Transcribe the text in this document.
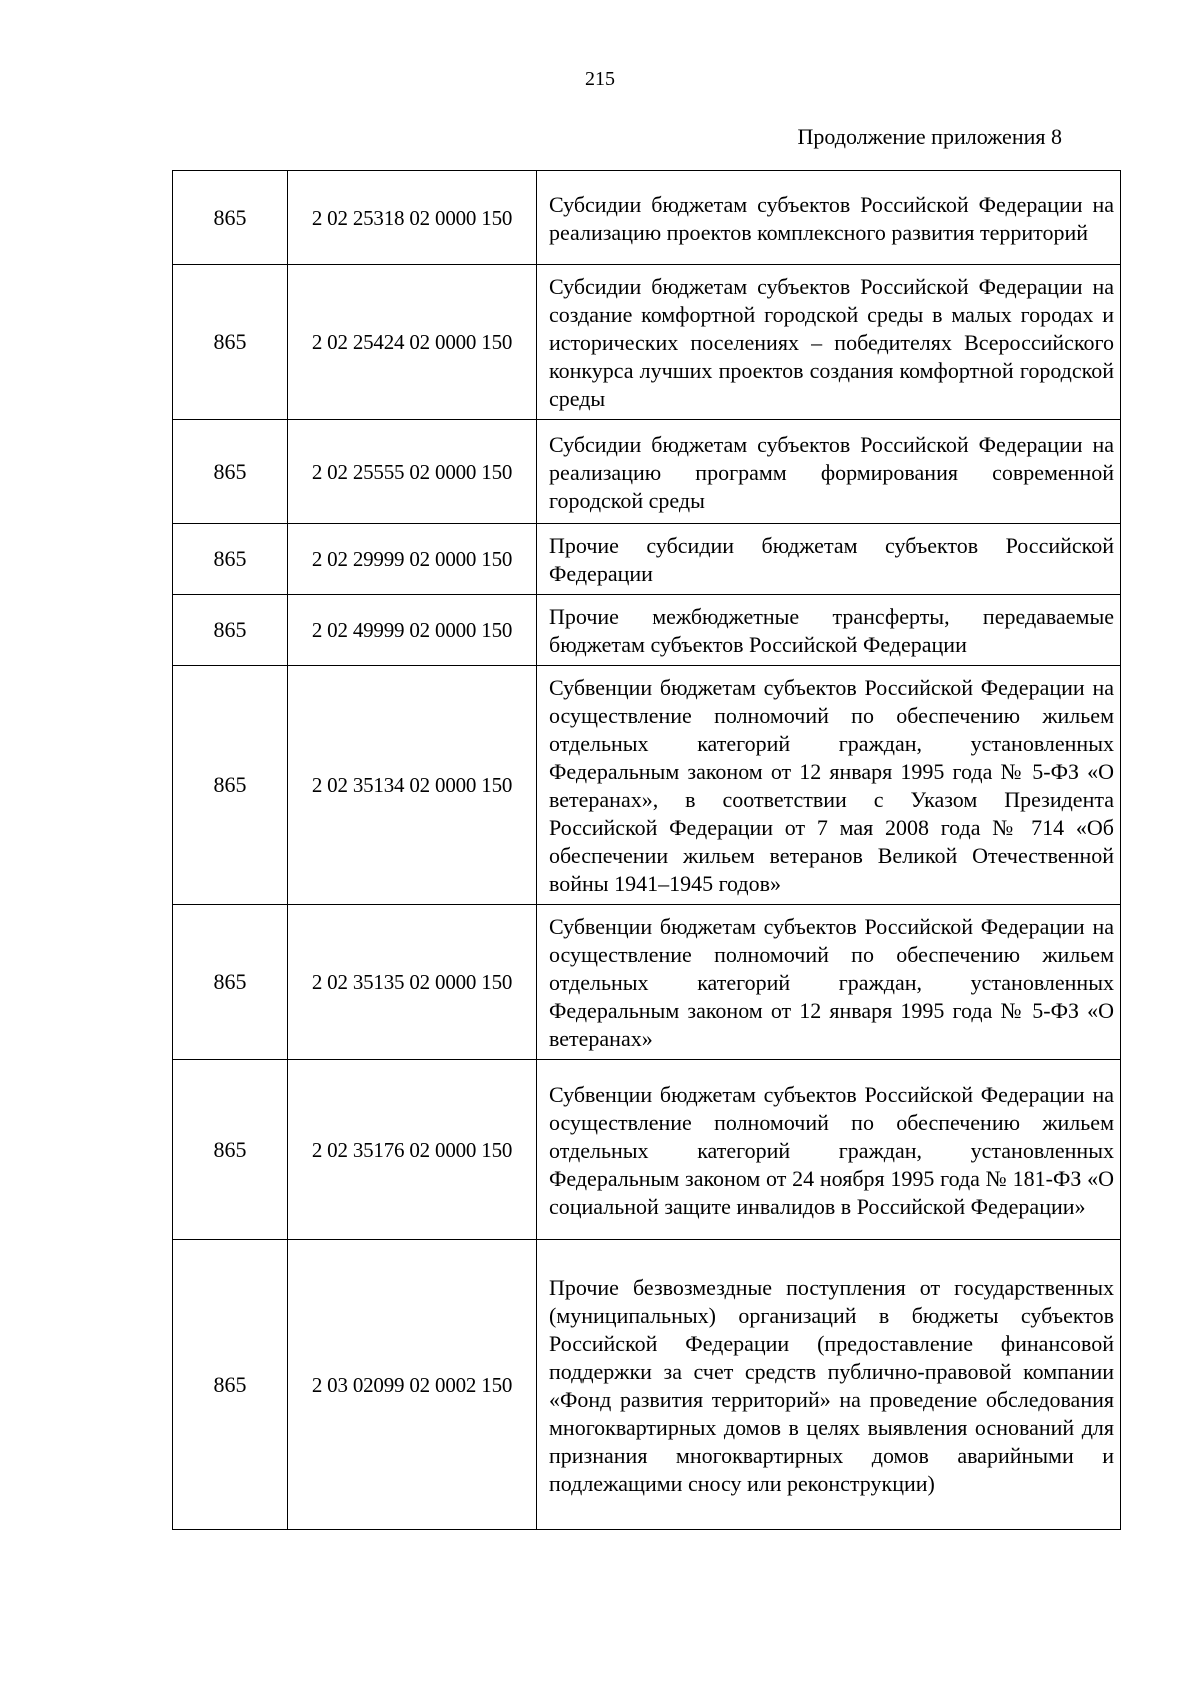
215
Продолжение приложения 8
865	2 02 25318 02 0000 150	Субсидии бюджетам субъектов Российской Федерации на реализацию проектов комплексного развития территорий
865	2 02 25424 02 0000 150	Субсидии бюджетам субъектов Российской Федерации на создание комфортной городской среды в малых городах и исторических поселениях – победителях Всероссийского конкурса лучших проектов создания комфортной городской среды
865	2 02 25555 02 0000 150	Субсидии бюджетам субъектов Российской Федерации на реализацию программ формирования современной городской среды
865	2 02 29999 02 0000 150	Прочие субсидии бюджетам субъектов Российской Федерации
865	2 02 49999 02 0000 150	Прочие межбюджетные трансферты, передаваемые бюджетам субъектов Российской Федерации
865	2 02 35134 02 0000 150	Субвенции бюджетам субъектов Российской Федерации на осуществление полномочий по обеспечению жильем отдельных категорий граждан, установленных Федеральным законом от 12 января 1995 года № 5-ФЗ «О ветеранах», в соответствии с Указом Президента Российской Федерации от 7 мая 2008 года № 714 «Об обеспечении жильем ветеранов Великой Отечественной войны 1941–1945 годов»
865	2 02 35135 02 0000 150	Субвенции бюджетам субъектов Российской Федерации на осуществление полномочий по обеспечению жильем отдельных категорий граждан, установленных Федеральным законом от 12 января 1995 года № 5-ФЗ «О ветеранах»
865	2 02 35176 02 0000 150	Субвенции бюджетам субъектов Российской Федерации на осуществление полномочий по обеспечению жильем отдельных категорий граждан, установленных Федеральным законом от 24 ноября 1995 года № 181-ФЗ «О социальной защите инвалидов в Российской Федерации»
865	2 03 02099 02 0002 150	Прочие безвозмездные поступления от государственных (муниципальных) организаций в бюджеты субъектов Российской Федерации (предоставление финансовой поддержки за счет средств публично-правовой компании «Фонд развития территорий» на проведение обследования многоквартирных домов в целях выявления оснований для признания многоквартирных домов аварийными и подлежащими сносу или реконструкции)
